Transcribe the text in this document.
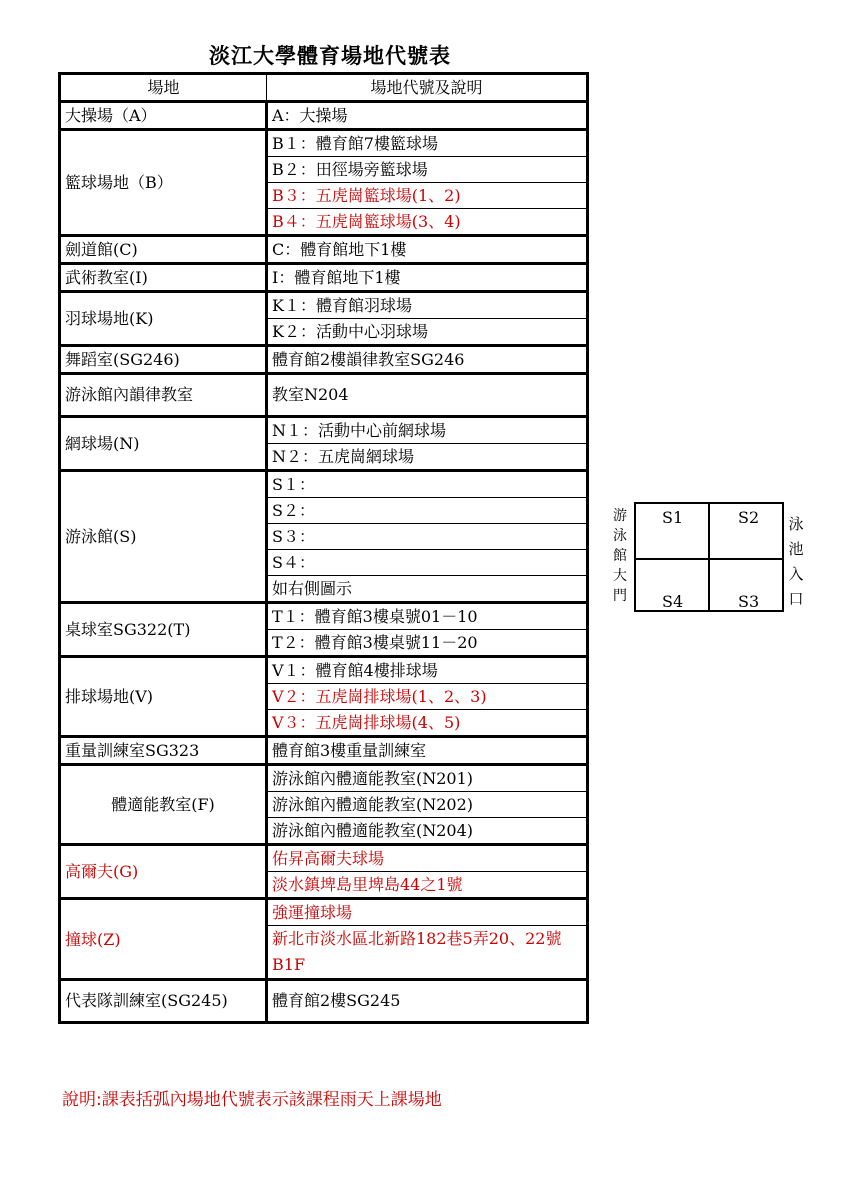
淡江大學體育場地代號表
場地	場地代號及說明
大操場（A）	A：大操場
籃球場地（B）	B１：體育館7樓籃球場
	B２：田徑場旁籃球場
	B３：五虎崗籃球場(1、2)
	B４：五虎崗籃球場(3、4)
劍道館(C)	C：體育館地下1樓
武術教室(I)	I：體育館地下1樓
羽球場地(K)	K１：體育館羽球場
	K２：活動中心羽球場
舞蹈室(SG246)	體育館2樓韻律教室SG246
游泳館內韻律教室	教室N204
網球場(N)	N１：活動中心前網球場
	N２：五虎崗網球場
游泳館(S)	S１：
	S２：
	S３：
	S４：
	如右側圖示
桌球室SG322(T)	T１：體育館3樓桌號01－10
	T２：體育館3樓桌號11－20
排球場地(V)	V１：體育館4樓排球場
	V２：五虎崗排球場(1、2、3)
	V３：五虎崗排球場(4、5)
重量訓練室SG323	體育館3樓重量訓練室
體適能教室(F)	游泳館內體適能教室(N201)
	游泳館內體適能教室(N202)
	游泳館內體適能教室(N204)
高爾夫(G)	佑昇高爾夫球場
	淡水鎮埤島里埤島44之1號
撞球(Z)	強運撞球場
	新北市淡水區北新路182巷5弄20、22號B1F
代表隊訓練室(SG245)	體育館2樓SG245
游
泳
館
大
門
S1	S2
S4	S3
泳
池
入
口
說明:課表括弧內場地代號表示該課程雨天上課場地
